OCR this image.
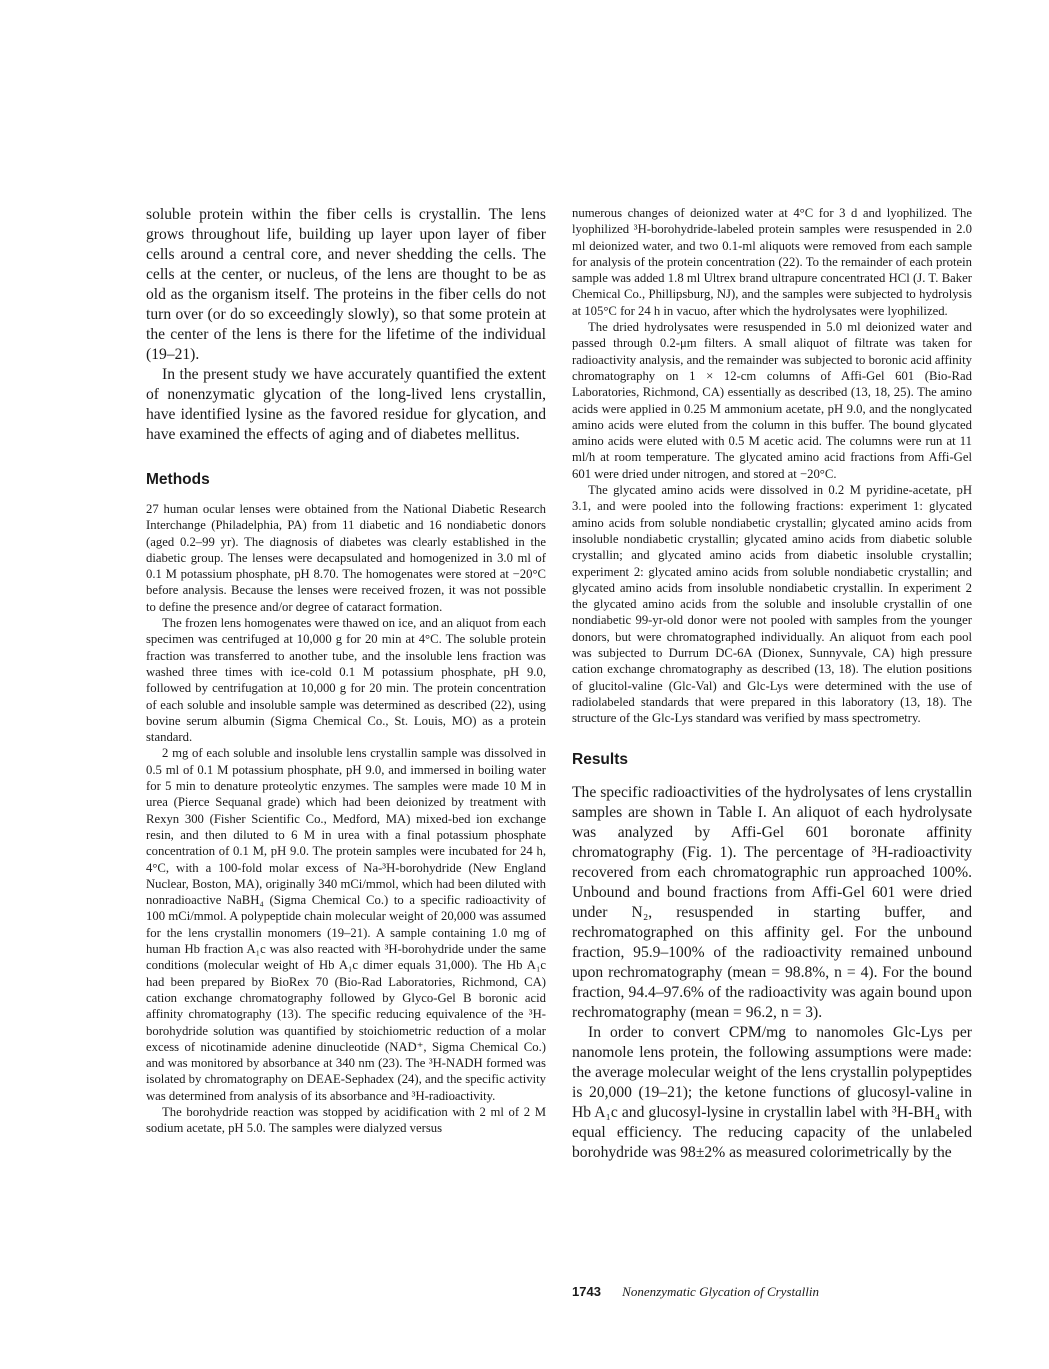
soluble protein within the fiber cells is crystallin. The lens grows throughout life, building up layer upon layer of fiber cells around a central core, and never shedding the cells. The cells at the center, or nucleus, of the lens are thought to be as old as the organism itself. The proteins in the fiber cells do not turn over (or do so exceedingly slowly), so that some protein at the center of the lens is there for the lifetime of the individual (19–21).

In the present study we have accurately quantified the extent of nonenzymatic glycation of the long-lived lens crystallin, have identified lysine as the favored residue for glycation, and have examined the effects of aging and of diabetes mellitus.

Methods

27 human ocular lenses were obtained from the National Diabetic Research Interchange (Philadelphia, PA) from 11 diabetic and 16 nondiabetic donors (aged 0.2–99 yr). The diagnosis of diabetes was clearly established in the diabetic group. The lenses were decapsulated and homogenized in 3.0 ml of 0.1 M potassium phosphate, pH 8.70. The homogenates were stored at −20°C before analysis. Because the lenses were received frozen, it was not possible to define the presence and/or degree of cataract formation.

The frozen lens homogenates were thawed on ice, and an aliquot from each specimen was centrifuged at 10,000 g for 20 min at 4°C. The soluble protein fraction was transferred to another tube, and the insoluble lens fraction was washed three times with ice-cold 0.1 M potassium phosphate, pH 9.0, followed by centrifugation at 10,000 g for 20 min. The protein concentration of each soluble and insoluble sample was determined as described (22), using bovine serum albumin (Sigma Chemical Co., St. Louis, MO) as a protein standard.

2 mg of each soluble and insoluble lens crystallin sample was dissolved in 0.5 ml of 0.1 M potassium phosphate, pH 9.0, and immersed in boiling water for 5 min to denature proteolytic enzymes. The samples were made 10 M in urea (Pierce Sequanal grade) which had been deionized by treatment with Rexyn 300 (Fisher Scientific Co., Medford, MA) mixed-bed ion exchange resin, and then diluted to 6 M in urea with a final potassium phosphate concentration of 0.1 M, pH 9.0. The protein samples were incubated for 24 h, 4°C, with a 100-fold molar excess of Na-³H-borohydride (New England Nuclear, Boston, MA), originally 340 mCi/mmol, which had been diluted with nonradioactive NaBH₄ (Sigma Chemical Co.) to a specific radioactivity of 100 mCi/mmol. A polypeptide chain molecular weight of 20,000 was assumed for the lens crystallin monomers (19–21). A sample containing 1.0 mg of human Hb fraction A₁c was also reacted with ³H-borohydride under the same conditions (molecular weight of Hb A₁c dimer equals 31,000). The Hb A₁c had been prepared by BioRex 70 (Bio-Rad Laboratories, Richmond, CA) cation exchange chromatography followed by Glyco-Gel B boronic acid affinity chromatography (13). The specific reducing equivalence of the ³H-borohydride solution was quantified by stoichiometric reduction of a molar excess of nicotinamide adenine dinucleotide (NAD⁺, Sigma Chemical Co.) and was monitored by absorbance at 340 nm (23). The ³H-NADH formed was isolated by chromatography on DEAE-Sephadex (24), and the specific activity was determined from analysis of its absorbance and ³H-radioactivity.

The borohydride reaction was stopped by acidification with 2 ml of 2 M sodium acetate, pH 5.0. The samples were dialyzed versus

numerous changes of deionized water at 4°C for 3 d and lyophilized. The lyophilized ³H-borohydride-labeled protein samples were resuspended in 2.0 ml deionized water, and two 0.1-ml aliquots were removed from each sample for analysis of the protein concentration (22). To the remainder of each protein sample was added 1.8 ml Ultrex brand ultrapure concentrated HCl (J. T. Baker Chemical Co., Phillipsburg, NJ), and the samples were subjected to hydrolysis at 105°C for 24 h in vacuo, after which the hydrolysates were lyophilized.

The dried hydrolysates were resuspended in 5.0 ml deionized water and passed through 0.2-μm filters. A small aliquot of filtrate was taken for radioactivity analysis, and the remainder was subjected to boronic acid affinity chromatography on 1 × 12-cm columns of Affi-Gel 601 (Bio-Rad Laboratories, Richmond, CA) essentially as described (13, 18, 25). The amino acids were applied in 0.25 M ammonium acetate, pH 9.0, and the nonglycated amino acids were eluted from the column in this buffer. The bound glycated amino acids were eluted with 0.5 M acetic acid. The columns were run at 11 ml/h at room temperature. The glycated amino acid fractions from Affi-Gel 601 were dried under nitrogen, and stored at −20°C.

The glycated amino acids were dissolved in 0.2 M pyridine-acetate, pH 3.1, and were pooled into the following fractions: experiment 1: glycated amino acids from soluble nondiabetic crystallin; glycated amino acids from insoluble nondiabetic crystallin; glycated amino acids from diabetic soluble crystallin; and glycated amino acids from diabetic insoluble crystallin; experiment 2: glycated amino acids from soluble nondiabetic crystallin; and glycated amino acids from insoluble nondiabetic crystallin. In experiment 2 the glycated amino acids from the soluble and insoluble crystallin of one nondiabetic 99-yr-old donor were not pooled with samples from the younger donors, but were chromatographed individually. An aliquot from each pool was subjected to Durrum DC-6A (Dionex, Sunnyvale, CA) high pressure cation exchange chromatography as described (13, 18). The elution positions of glucitol-valine (Glc-Val) and Glc-Lys were determined with the use of radiolabeled standards that were prepared in this laboratory (13, 18). The structure of the Glc-Lys standard was verified by mass spectrometry.

Results

The specific radioactivities of the hydrolysates of lens crystallin samples are shown in Table I. An aliquot of each hydrolysate was analyzed by Affi-Gel 601 boronate affinity chromatography (Fig. 1). The percentage of ³H-radioactivity recovered from each chromatographic run approached 100%. Unbound and bound fractions from Affi-Gel 601 were dried under N₂, resuspended in starting buffer, and rechromatographed on this affinity gel. For the unbound fraction, 95.9–100% of the radioactivity remained unbound upon rechromatography (mean = 98.8%, n = 4). For the bound fraction, 94.4–97.6% of the radioactivity was again bound upon rechromatography (mean = 96.2, n = 3).

In order to convert CPM/mg to nanomoles Glc-Lys per nanomole lens protein, the following assumptions were made: the average molecular weight of the lens crystallin polypeptides is 20,000 (19–21); the ketone functions of glucosyl-valine in Hb A₁c and glucosyl-lysine in crystallin label with ³H-BH₄ with equal efficiency. The reducing capacity of the unlabeled borohydride was 98±2% as measured colorimetrically by the

1743 Nonenzymatic Glycation of Crystallin
